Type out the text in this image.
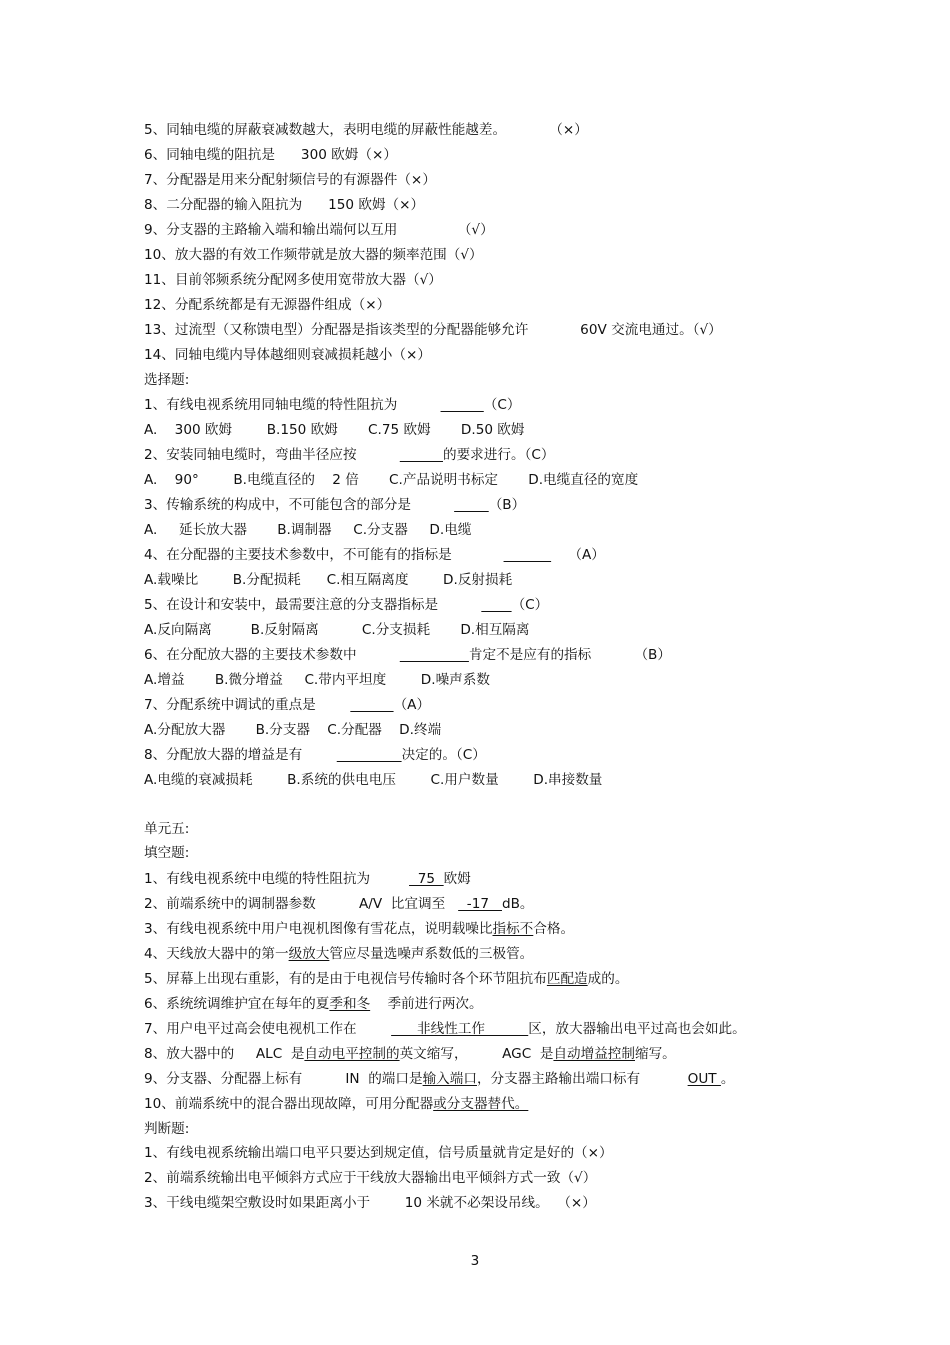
5、同轴电缆的屏蔽衰减数越大，表明电缆的屏蔽性能越差。          （×）
6、同轴电缆的阻抗是      300 欧姆（×）
7、分配器是用来分配射频信号的有源器件（×）
8、二分配器的输入阻抗为      150 欧姆（×）
9、分支器的主路输入端和输出端何以互用              （√）
10、放大器的有效工作频带就是放大器的频率范围（√）
11、目前邻频系统分配网多使用宽带放大器（√）
12、分配系统都是有无源器件组成（×）
13、过流型（又称馈电型）分配器是指该类型的分配器能够允许            60V 交流电通过。（√）
14、同轴电缆内导体越细则衰减损耗越小（×）
选择题:
1、有线电视系统用同轴电缆的特性阻抗为	（C）
A.    300 欧姆        B.150 欧姆       C.75 欧姆       D.50 欧姆
2、安装同轴电缆时，弯曲半径应按	的要求进行。（C）
A.    90°        B.电缆直径的    2 倍       C.产品说明书标定       D.电缆直径的宽度
3、传输系统的构成中，不可能包含的部分是	（B）
A.     延长放大器       B.调制器     C.分支器     D.电缆
4、在分配器的主要技术参数中，不可能有的指标是	（A）
A.载噪比        B.分配损耗      C.相互隔离度        D.反射损耗
5、在设计和安装中，最需要注意的分支器指标是                 （C）
A.反向隔离         B.反射隔离          C.分支损耗       D.相互隔离
6、在分配放大器的主要技术参数中	肯定不是应有的指标          （B）
A.增益       B.微分增益     C.带内平坦度        D.噪声系数
7、分配系统中调试的重点是	（A）
A.分配放大器       B.分支器    C.分配器    D.终端
8、分配放大器的增益是有	决定的。（C）
A.电缆的衰减损耗        B.系统的供电电压        C.用户数量        D.串接数量
单元五:
填空题:
1、有线电视系统中电缆的特性阻抗为           75  欧姆
2、前端系统中的调制器参数          A/V  比宜调至     -17   dB。
3、有线电视系统中用户电视机图像有雪花点，说明载噪比指标不合格。
4、天线放大器中的第一级放大管应尽量选噪声系数低的三极管。
5、屏幕上出现右重影，有的是由于电视信号传输时各个环节阻抗布匹配造成的。
6、系统统调维护宜在每年的夏季和冬    季前进行两次。
7、用户电平过高会使电视机工作在              非线性工作          区，放大器输出电平过高也会如此。
8、放大器中的     ALC  是自动电平控制的英文缩写，        AGC  是自动增益控制缩写。
9、分支器、分配器上标有          IN  的端口是输入端口，分支器主路输出端口标有           OUT 。
10、前端系统中的混合器出现故障，可用分配器或分支器替代。
判断题:
1、有线电视系统输出端口电平只要达到规定值，信号质量就肯定是好的（×）
2、前端系统输出电平倾斜方式应于干线放大器输出电平倾斜方式一致（√）
3、干线电缆架空敷设时如果距离小于        10 米就不必架设吊线。  （×）
3
